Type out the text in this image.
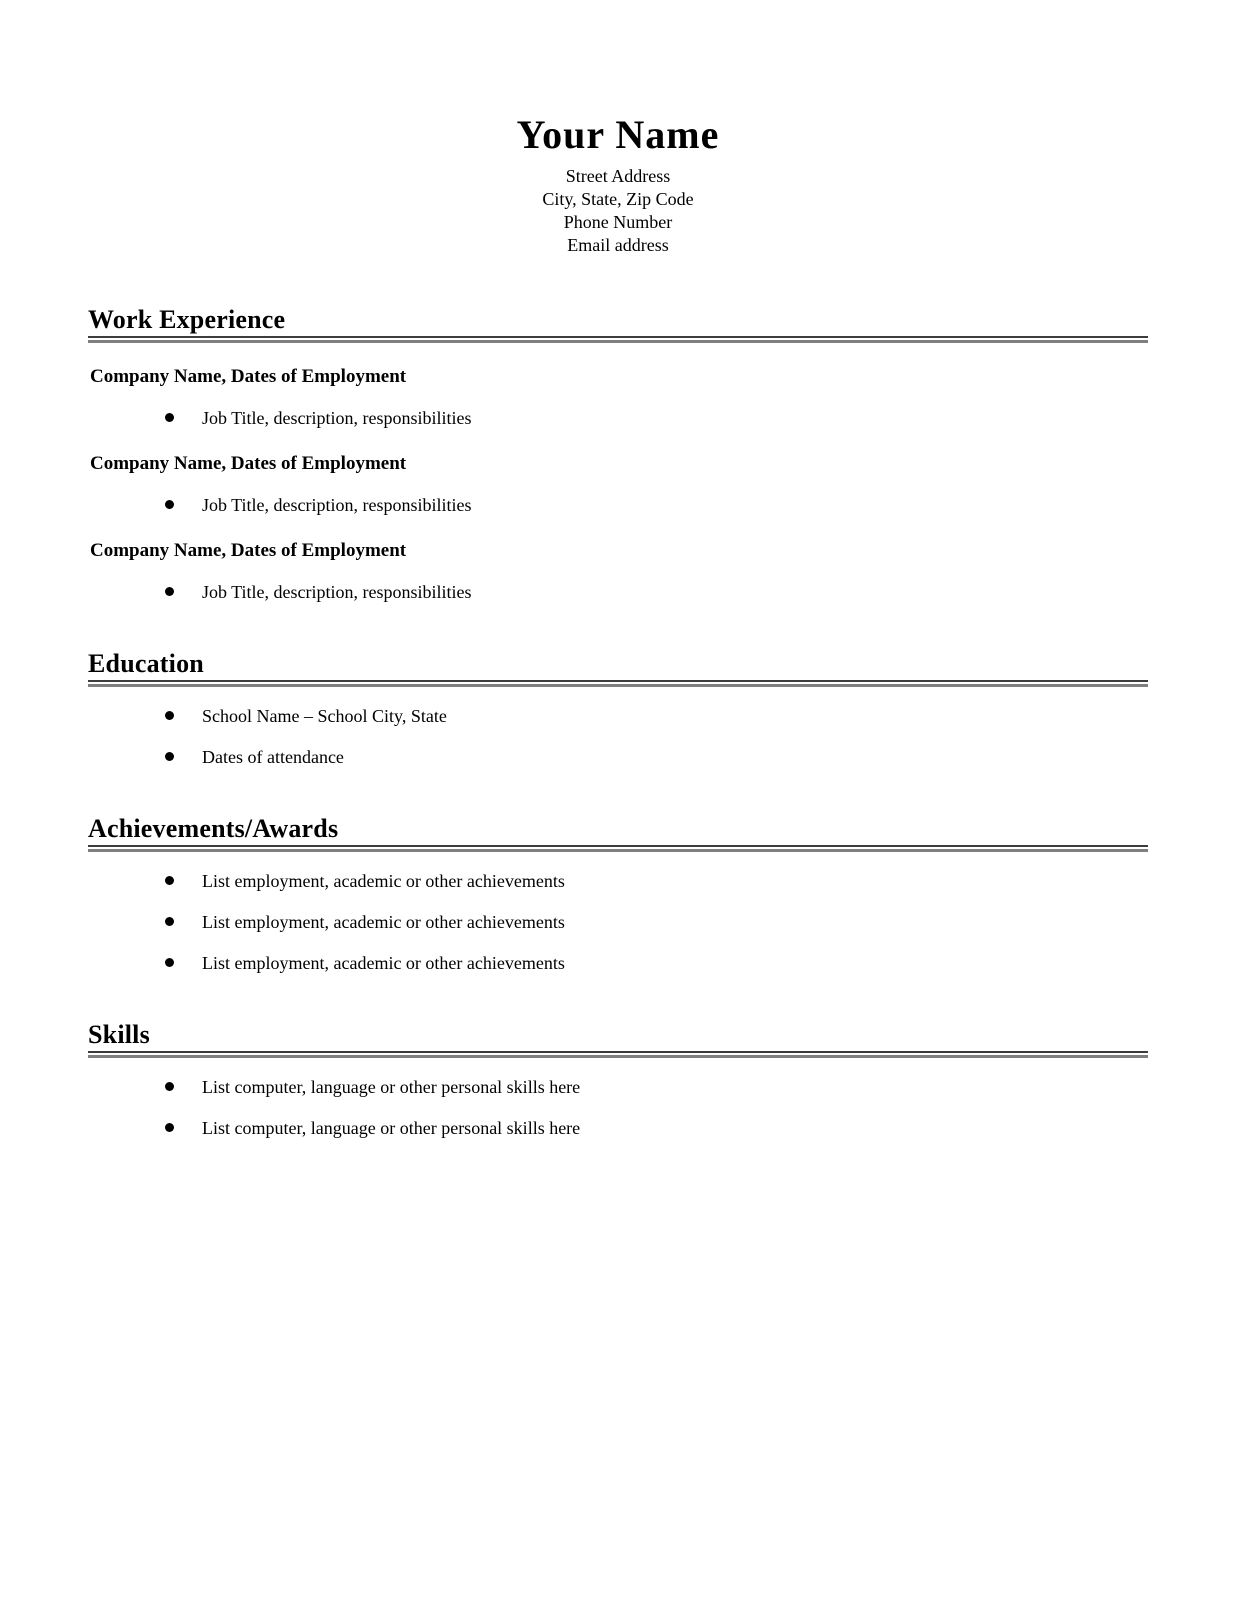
Your Name
Street Address
City, State, Zip Code
Phone Number
Email address
Work Experience

Company Name, Dates of Employment

Job Title, description, responsibilities

Company Name, Dates of Employment

Job Title, description, responsibilities

Company Name, Dates of Employment

Job Title, description, responsibilities
Education
School Name – School City, State
Dates of attendance
Achievements/Awards
List employment, academic or other achievements
List employment, academic or other achievements
List employment, academic or other achievements
Skills
List computer, language or other personal skills here
List computer, language or other personal skills here
